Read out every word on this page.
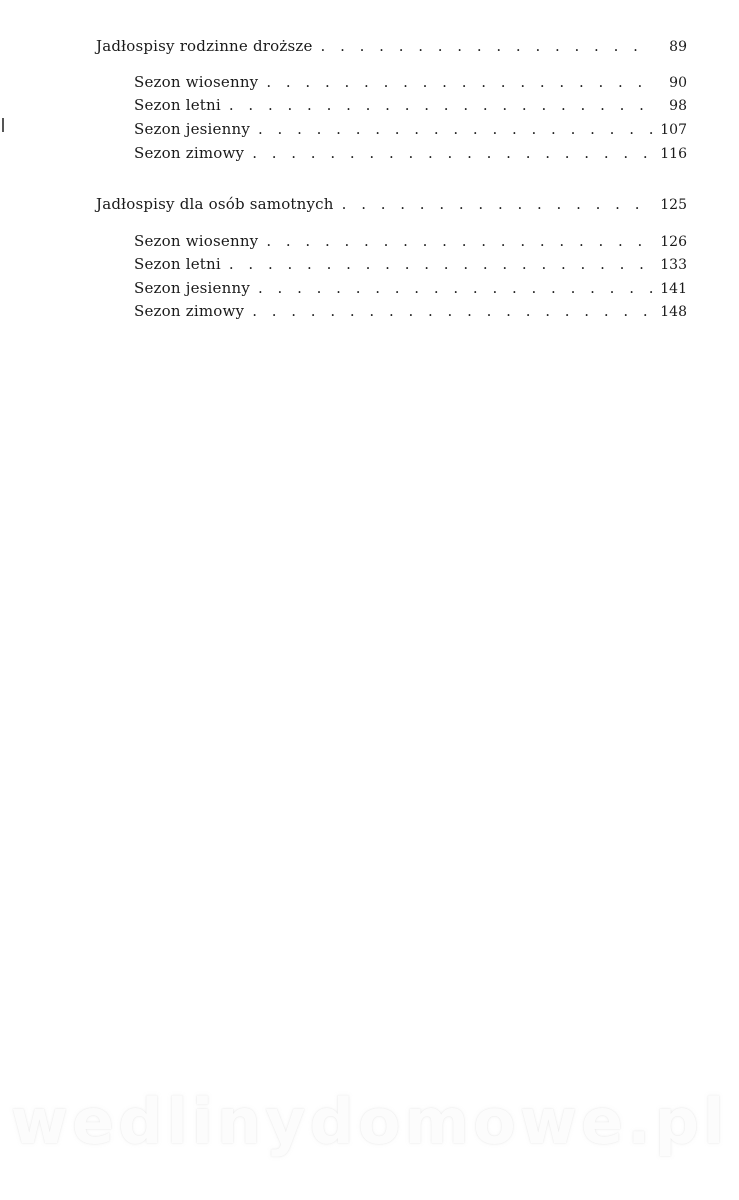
Jadłospisy rodzinne droższe . . .	89
Sezon wiosenny . . .	90
Sezon letni . . .	98
Sezon jesienny . . .	107
Sezon zimowy . . .	116
Jadłospisy dla osób samotnych . . .	125
Sezon wiosenny . . .	126
Sezon letni . . .	133
Sezon jesienny . . .	141
Sezon zimowy . . .	148
wedlinydomowe.pl
